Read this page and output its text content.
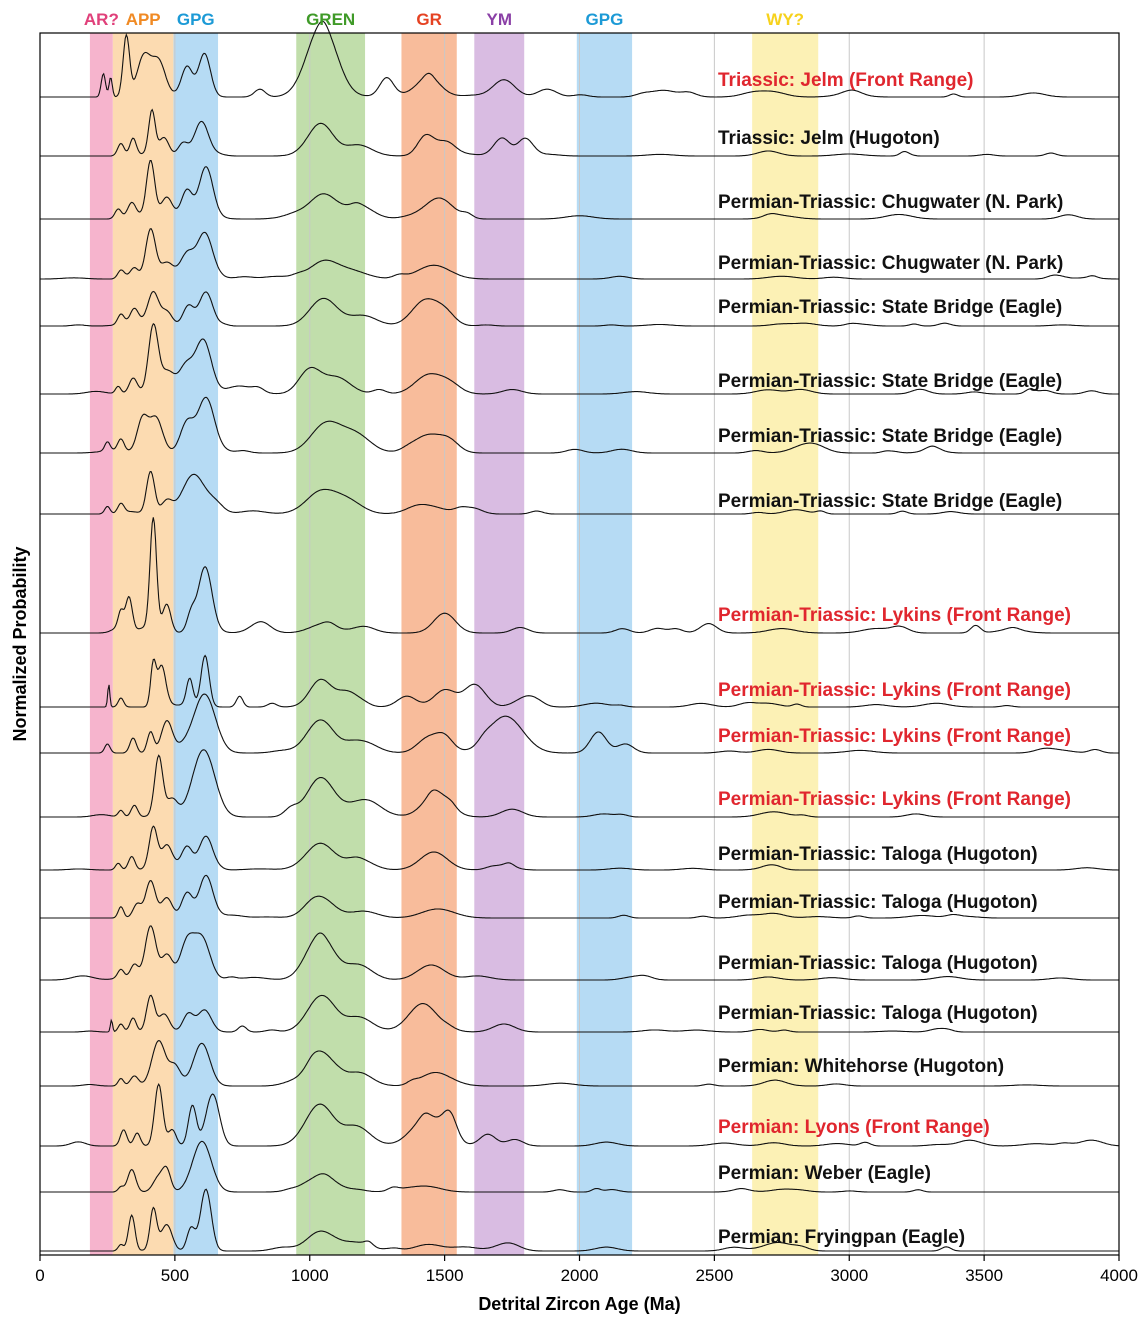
0	500	1000	1500	2000	2500	3000	3500	4000
AR? APP GPG	GREN	GR	YM	GPG	WY?
Triassic: Jelm (Front Range)
Triassic: Jelm (Hugoton)
Permian-Triassic: Chugwater (N. Park)
Permian-Triassic: Chugwater (N. Park)
Permian-Triassic: State Bridge (Eagle)
Permian-Triassic: State Bridge (Eagle)
Permian-Triassic: State Bridge (Eagle)
Permian-Triassic: State Bridge (Eagle)
Permian-Triassic: Lykins (Front Range)
Permian-Triassic: Lykins (Front Range)
Permian-Triassic: Lykins (Front Range)
Permian-Triassic: Lykins (Front Range)
Permian-Triassic: Taloga (Hugoton)
Permian-Triassic: Taloga (Hugoton)
Permian-Triassic: Taloga (Hugoton)
Permian-Triassic: Taloga (Hugoton)
Permian: Whitehorse (Hugoton)
Permian: Lyons (Front Range)
Permian: Weber (Eagle)
Permian: Fryingpan (Eagle)
Detrital Zircon Age (Ma)
Normalized Probability
